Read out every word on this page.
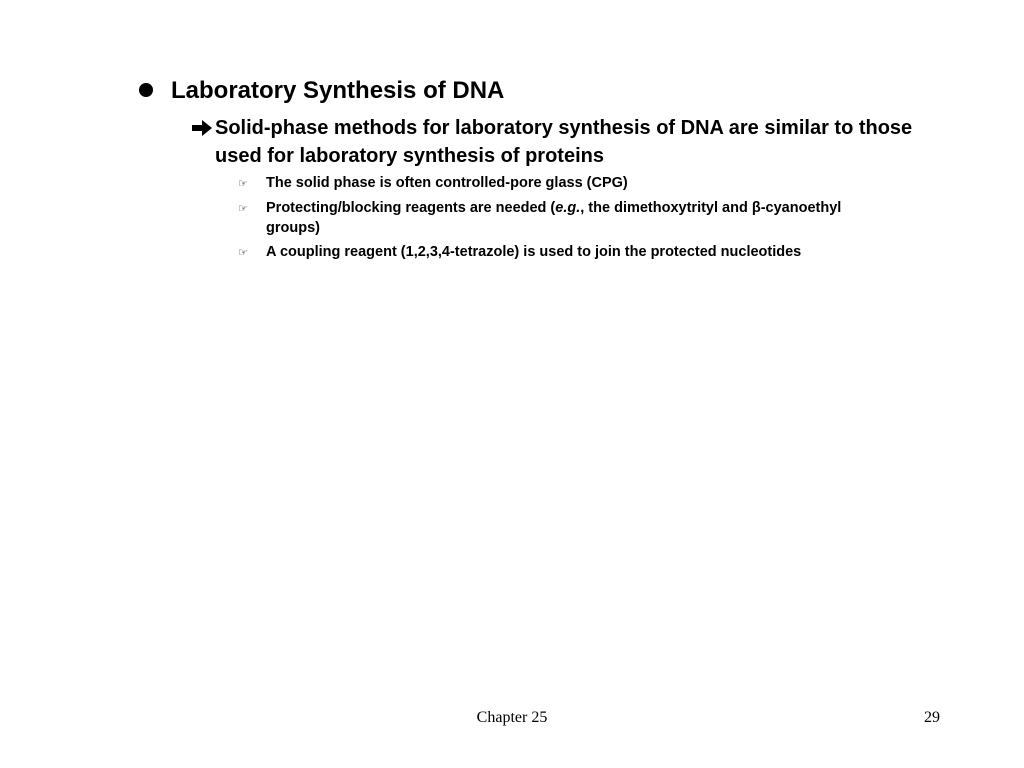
Laboratory Synthesis of DNA
Solid-phase methods for laboratory synthesis of DNA are similar to those used for laboratory synthesis of proteins
☞ The solid phase is often controlled-pore glass (CPG)
☞ Protecting/blocking reagents are needed (e.g., the dimethoxytrityl and β-cyanoethyl groups)
☞ A coupling reagent (1,2,3,4-tetrazole) is used to join the protected nucleotides
Chapter 25	29
